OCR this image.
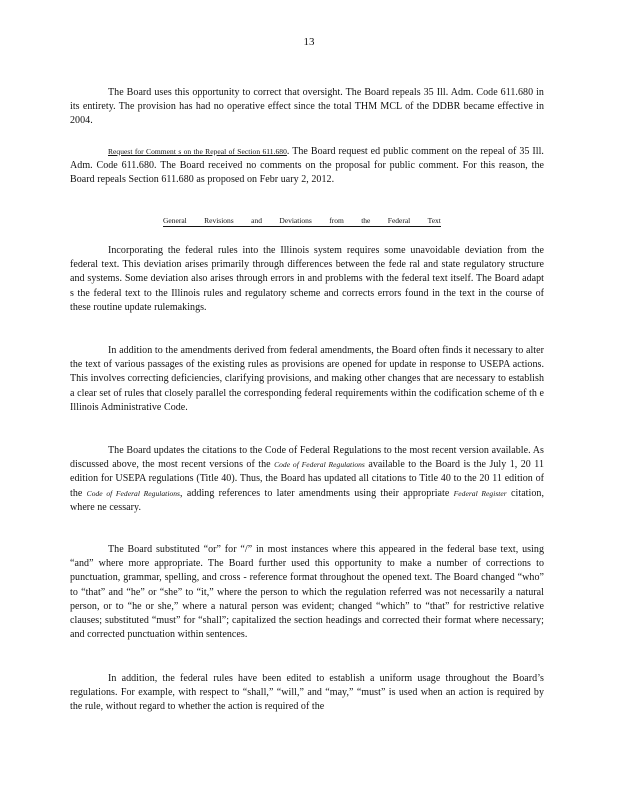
13

The Board uses this opportunity to correct that oversight. The Board repeals 35 Ill. Adm. Code 611.680 in its entirety. The provision has had no operative effect since the total THM MCL of the DDBR became effective in 2004.

Request for Comment s on the Repeal of Section 611.680. The Board request ed public comment on the repeal of 35 Ill. Adm. Code 611.680. The Board received no comments on the proposal for public comment. For this reason, the Board repeals Section 611.680 as proposed on Febr uary 2, 2012.

General Revisions and Deviations from the Federal Text

Incorporating the federal rules into the Illinois system requires some unavoidable deviation from the federal text. This deviation arises primarily through differences between the fede ral and state regulatory structure and systems. Some deviation also arises through errors in and problems with the federal text itself. The Board adapt s the federal text to the Illinois rules and regulatory scheme and corrects errors found in the text in the course of these routine update rulemakings.

In addition to the amendments derived from federal amendments, the Board often finds it necessary to alter the text of various passages of the existing rules as provisions are opened for update in response to USEPA actions. This involves correcting deficiencies, clarifying provisions, and making other changes that are necessary to establish a clear set of rules that closely parallel the corresponding federal requirements within the codification scheme of th e Illinois Administrative Code.

The Board updates the citations to the Code of Federal Regulations to the most recent version available. As discussed above, the most recent versions of the Code of Federal Regulations available to the Board is the July 1, 20 11 edition for USEPA regulations (Title 40). Thus, the Board has updated all citations to Title 40 to the 20 11 edition of the Code of Federal Regulations, adding references to later amendments using their appropriate Federal Register citation, where ne cessary.

The Board substituted “or” for “/” in most instances where this appeared in the federal base text, using “and” where more appropriate. The Board further used this opportunity to make a number of corrections to punctuation, grammar, spelling, and cross - reference format throughout the opened text. The Board changed “who” to “that” and “he” or “she” to “it,” where the person to which the regulation referred was not necessarily a natural person, or to “he or she,” where a natural person was evident; changed “which” to “that” for restrictive relative clauses; substituted “must” for “shall”; capitalized the section headings and corrected their format where necessary; and corrected punctuation within sentences.

In addition, the federal rules have been edited to establish a uniform usage throughout the Board’s regulations. For example, with respect to “shall,” “will,” and “may,” “must” is used when an action is required by the rule, without regard to whether the action is required of the
